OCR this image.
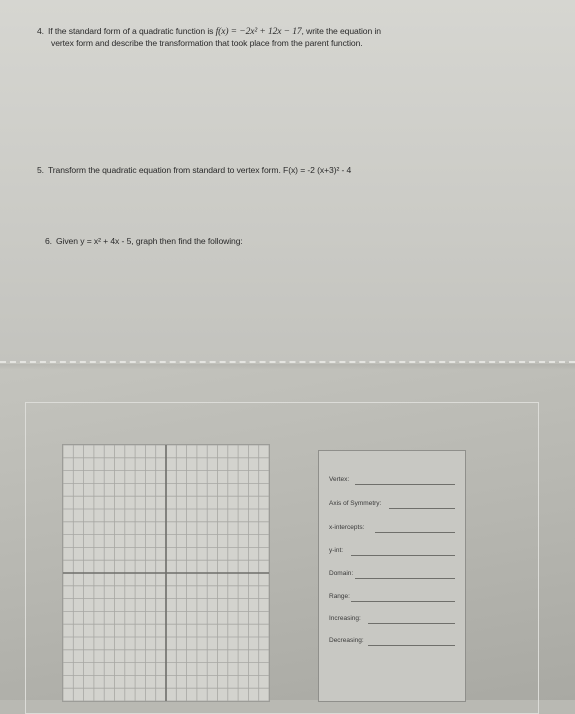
4. If the standard form of a quadratic function is f(x) = −2x² + 12x − 17, write the equation in
vertex form and describe the transformation that took place from the parent function.
5. Transform the quadratic equation from standard to vertex form. F(x) = -2 (x+3)² - 4
6. Given y = x² + 4x - 5, graph then find the following:
Vertex:
Axis of Symmetry:
x-intercepts:
y-int:
Domain:
Range:
Increasing:
Decreasing:
